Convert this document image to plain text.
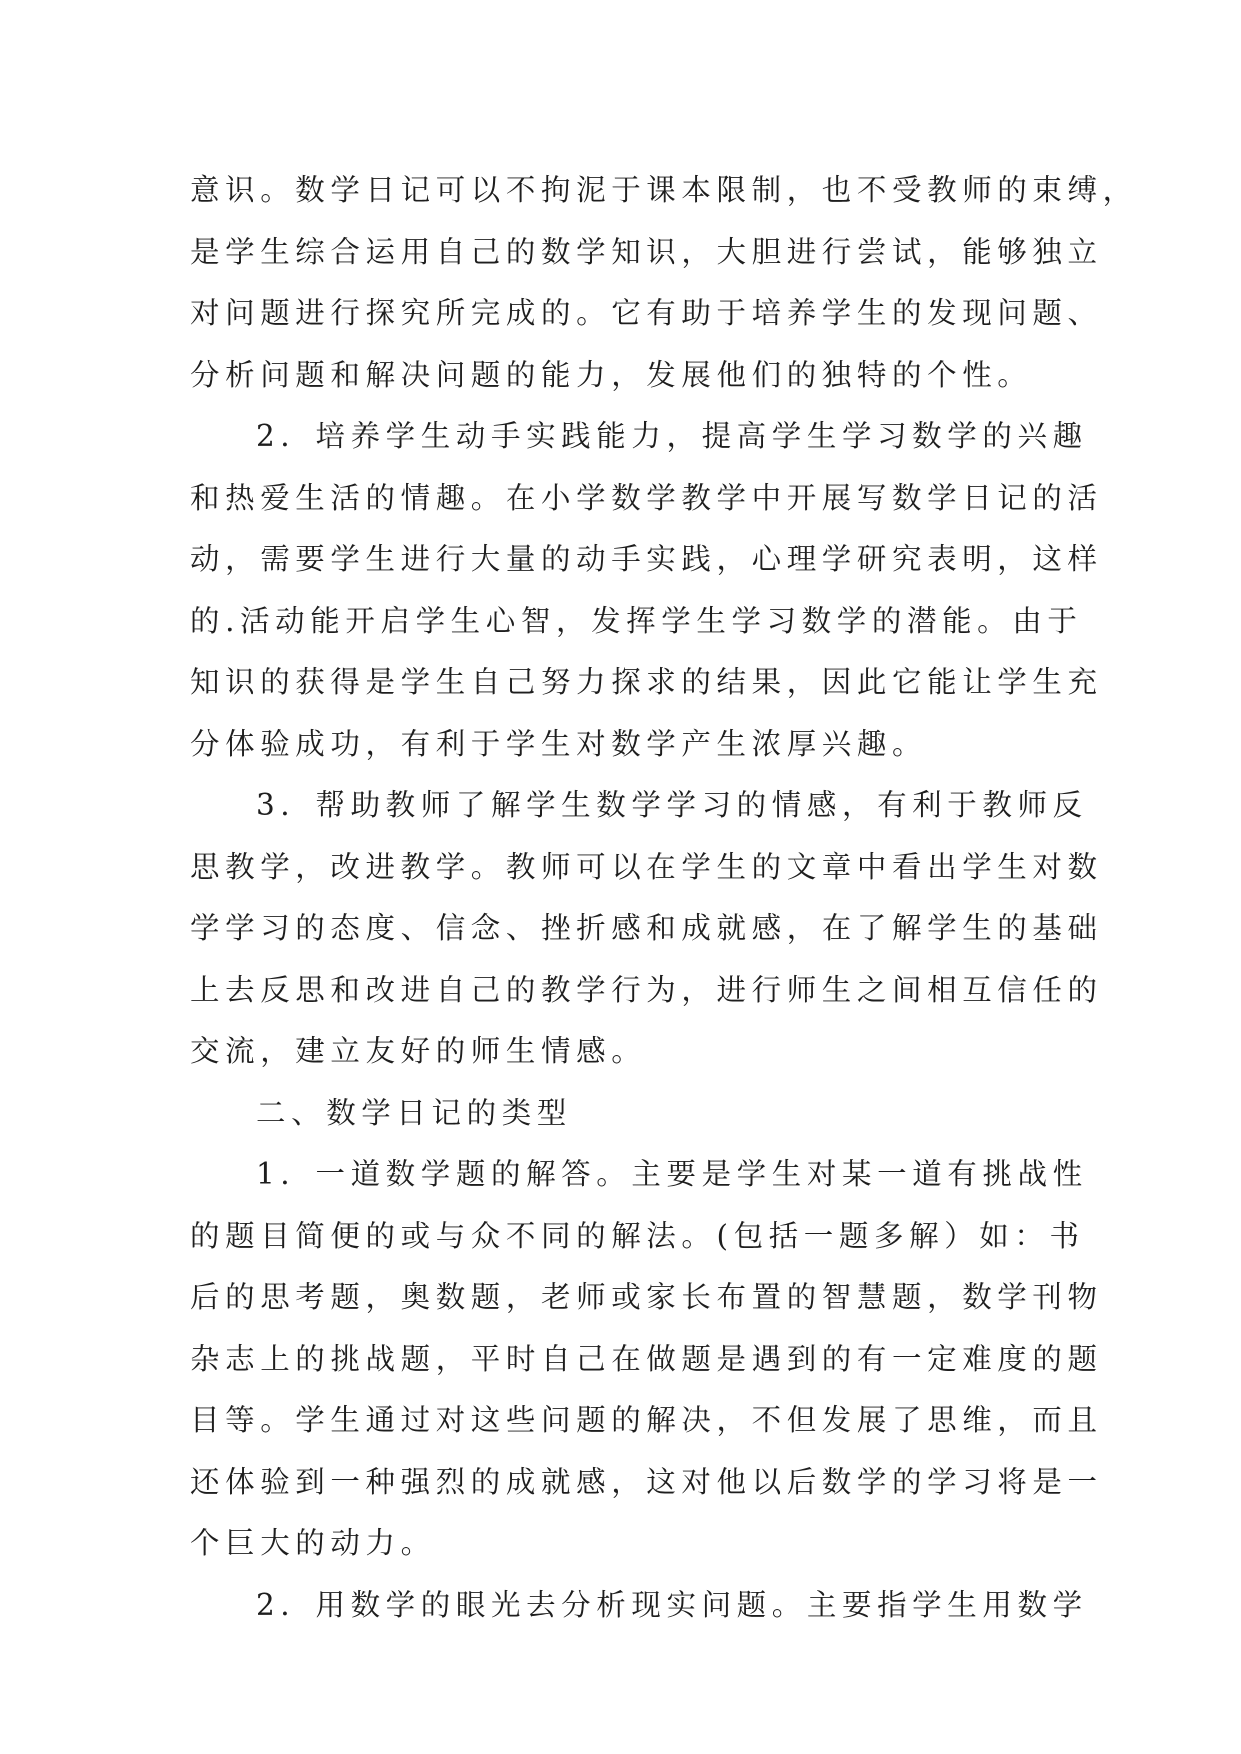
意识。数学日记可以不拘泥于课本限制，也不受教师的束缚，
是学生综合运用自己的数学知识，大胆进行尝试，能够独立
对问题进行探究所完成的。它有助于培养学生的发现问题、
分析问题和解决问题的能力，发展他们的独特的个性。
2．培养学生动手实践能力，提高学生学习数学的兴趣
和热爱生活的情趣。在小学数学教学中开展写数学日记的活
动，需要学生进行大量的动手实践，心理学研究表明，这样
的.活动能开启学生心智，发挥学生学习数学的潜能。由于
知识的获得是学生自己努力探求的结果，因此它能让学生充
分体验成功，有利于学生对数学产生浓厚兴趣。
3．帮助教师了解学生数学学习的情感，有利于教师反
思教学，改进教学。教师可以在学生的文章中看出学生对数
学学习的态度、信念、挫折感和成就感，在了解学生的基础
上去反思和改进自己的教学行为，进行师生之间相互信任的
交流，建立友好的师生情感。
二、数学日记的类型
1．一道数学题的解答。主要是学生对某一道有挑战性
的题目简便的或与众不同的解法。(包括一题多解）如：书
后的思考题，奥数题，老师或家长布置的智慧题，数学刊物
杂志上的挑战题，平时自己在做题是遇到的有一定难度的题
目等。学生通过对这些问题的解决，不但发展了思维，而且
还体验到一种强烈的成就感，这对他以后数学的学习将是一
个巨大的动力。
2．用数学的眼光去分析现实问题。主要指学生用数学
